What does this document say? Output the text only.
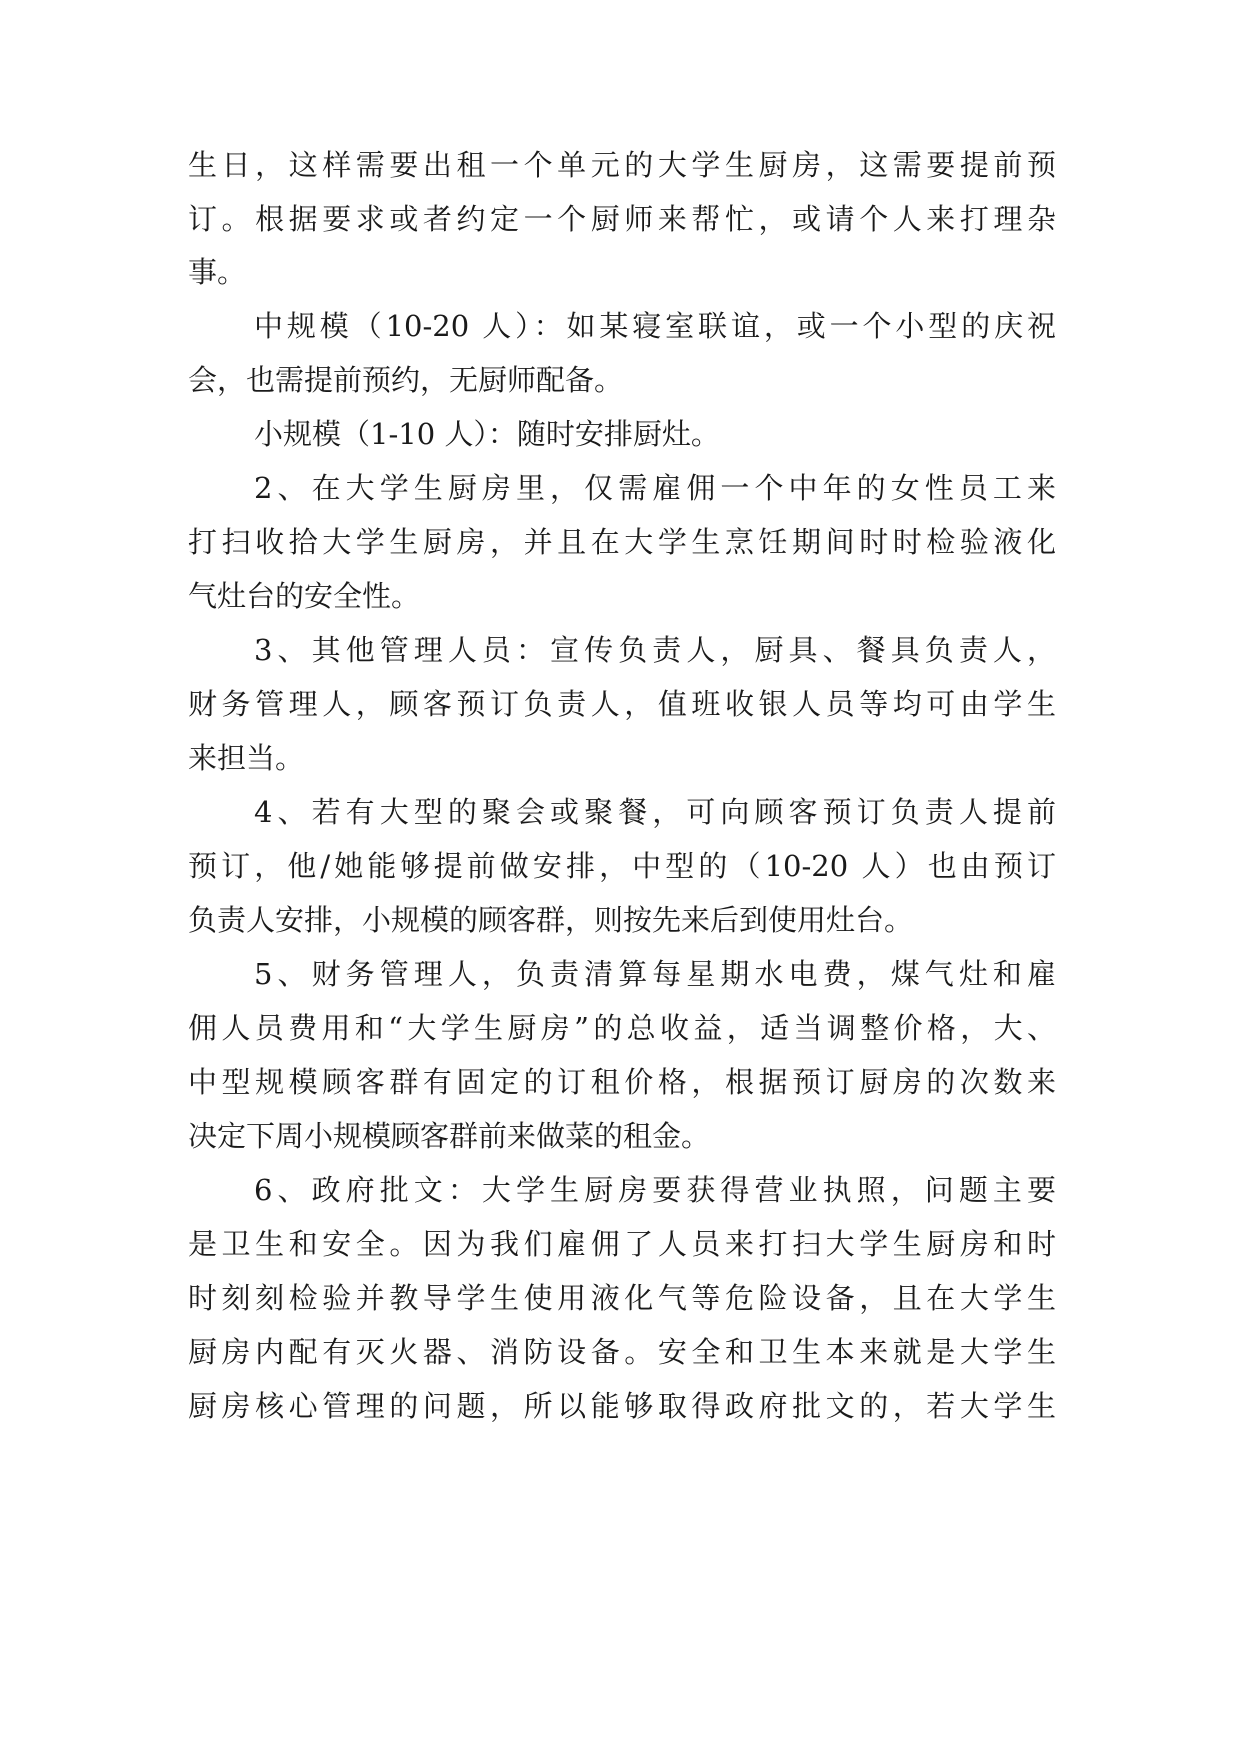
生日，这样需要出租一个单元的大学生厨房，这需要提前预
订。根据要求或者约定一个厨师来帮忙，或请个人来打理杂
事。
中规模（10-20 人）：如某寝室联谊，或一个小型的庆祝
会，也需提前预约，无厨师配备。
小规模（1-10 人）：随时安排厨灶。
2、在大学生厨房里，仅需雇佣一个中年的女性员工来
打扫收拾大学生厨房，并且在大学生烹饪期间时时检验液化
气灶台的安全性。
3、其他管理人员：宣传负责人，厨具、餐具负责人，
财务管理人，顾客预订负责人，值班收银人员等均可由学生
来担当。
4、若有大型的聚会或聚餐，可向顾客预订负责人提前
预订，他/她能够提前做安排，中型的（10-20 人）也由预订
负责人安排，小规模的顾客群，则按先来后到使用灶台。
5、财务管理人，负责清算每星期水电费，煤气灶和雇
佣人员费用和“大学生厨房”的总收益，适当调整价格，大、
中型规模顾客群有固定的订租价格，根据预订厨房的次数来
决定下周小规模顾客群前来做菜的租金。
6、政府批文：大学生厨房要获得营业执照，问题主要
是卫生和安全。因为我们雇佣了人员来打扫大学生厨房和时
时刻刻检验并教导学生使用液化气等危险设备，且在大学生
厨房内配有灭火器、消防设备。安全和卫生本来就是大学生
厨房核心管理的问题，所以能够取得政府批文的，若大学生
